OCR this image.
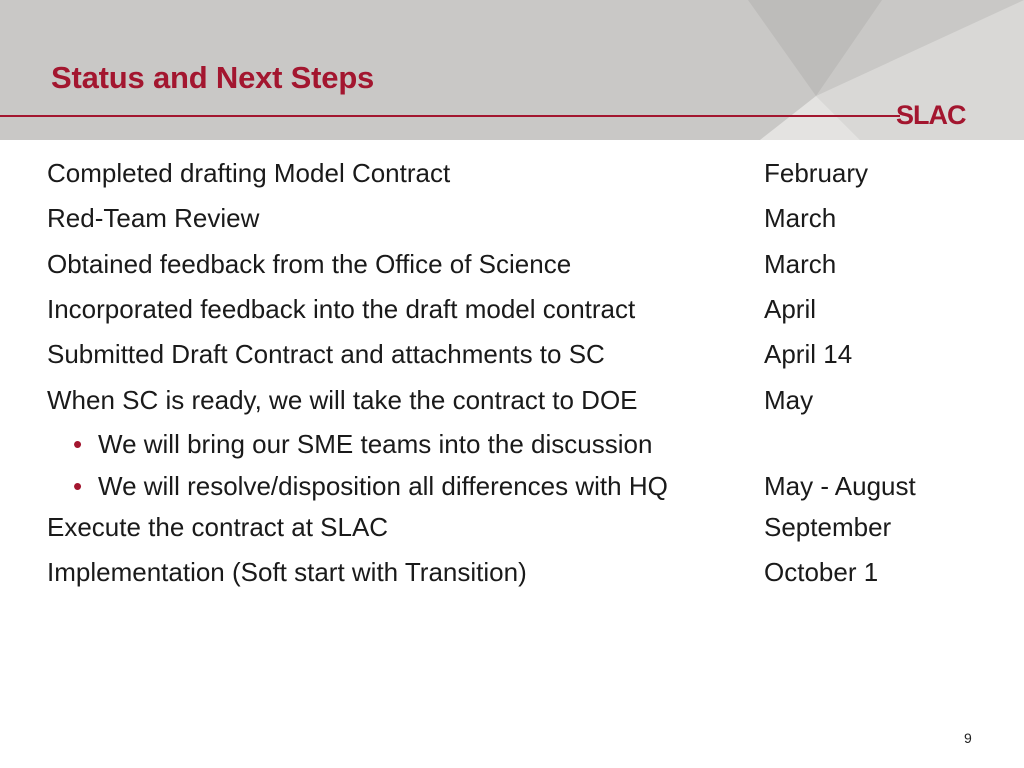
Status and Next Steps
SLAC
Completed drafting Model Contract	February
Red-Team Review	March
Obtained feedback from the Office of Science	March
Incorporated feedback into the draft model contract	April
Submitted Draft Contract and attachments to SC	April 14
When SC is ready, we will take the contract to DOE	May
• We will bring our SME teams into the discussion
• We will resolve/disposition all differences with HQ	May - August
Execute the contract at SLAC	September
Implementation (Soft start with Transition)	October 1
9
